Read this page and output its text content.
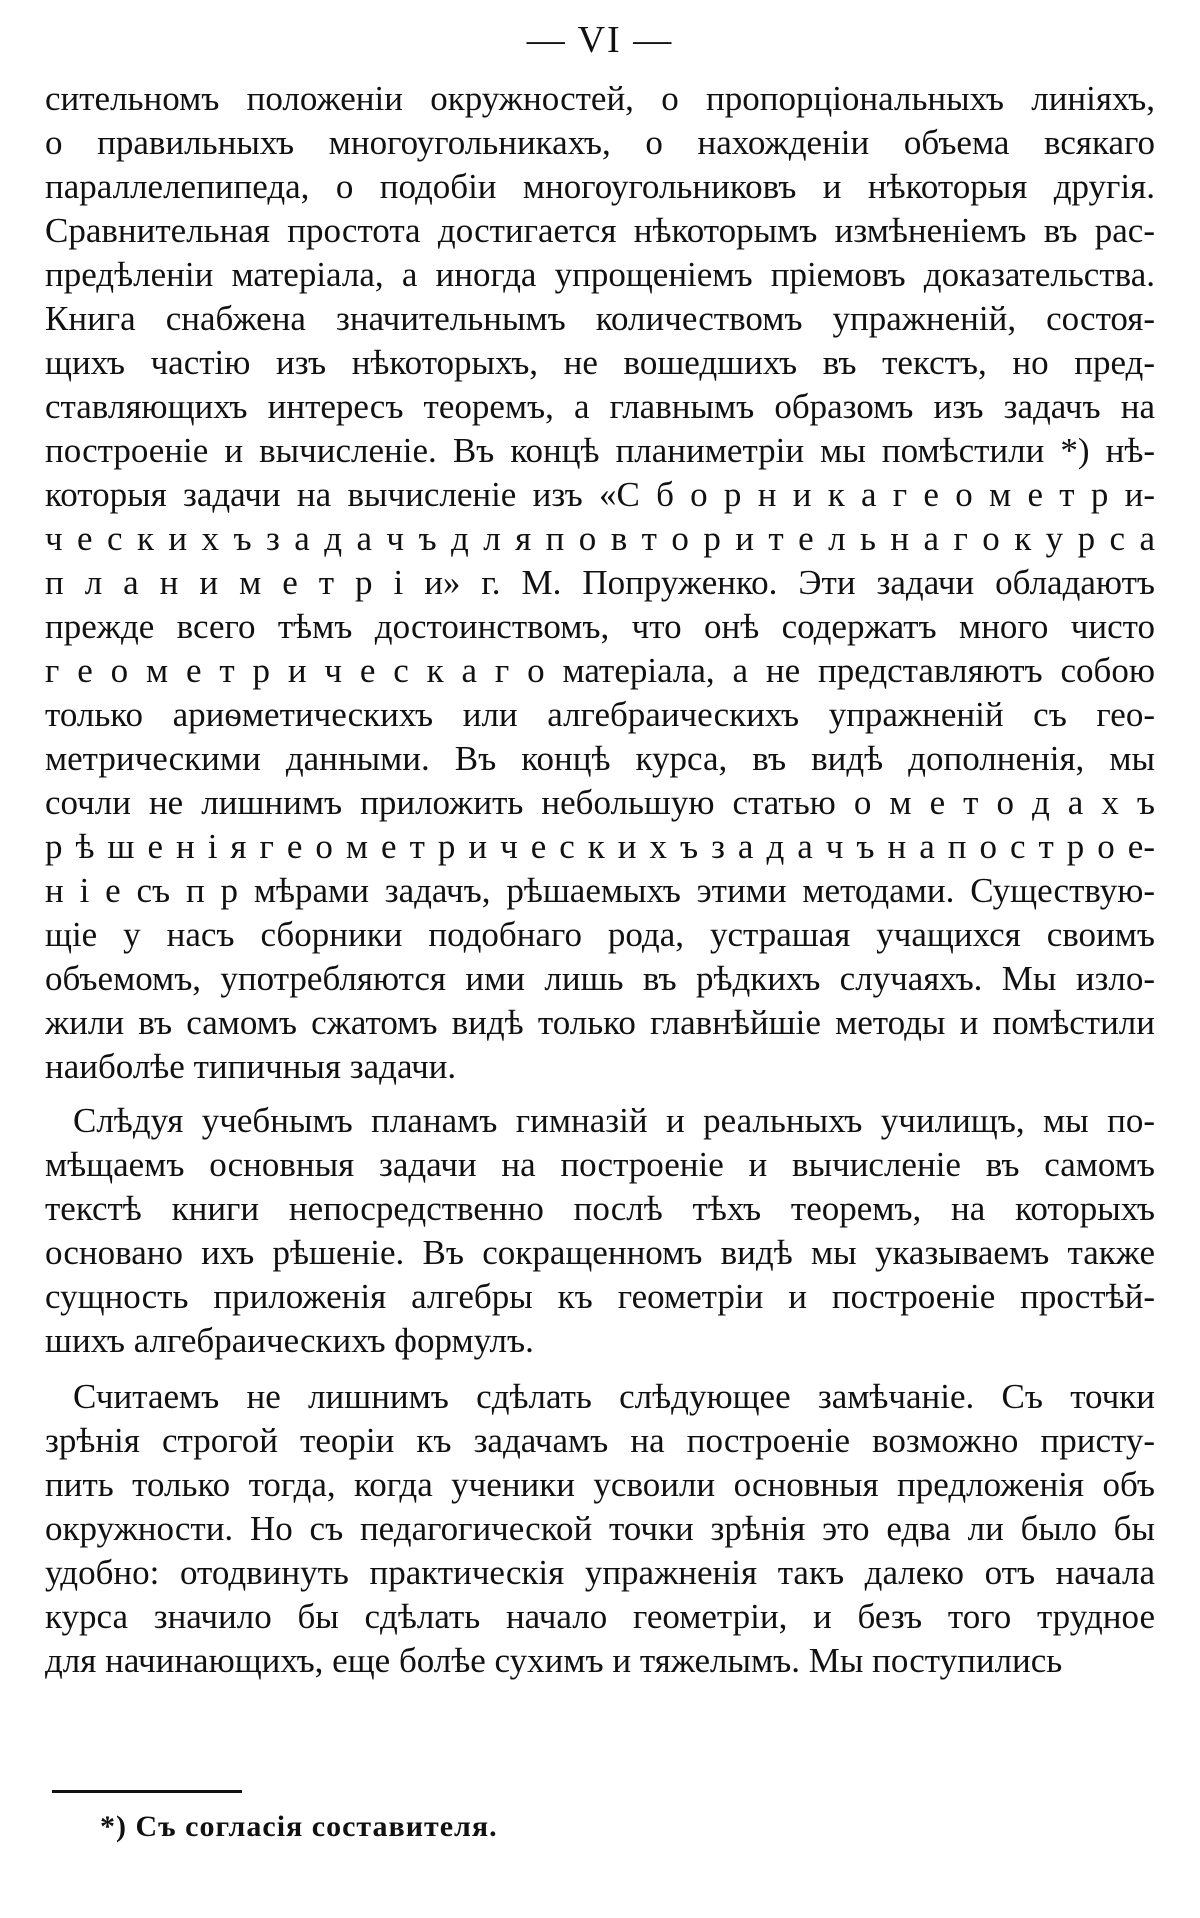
— VI —
сительномъ положеніи окружностей, о пропорціональныхъ линіяхъ,
о правильныхъ многоугольникахъ, о нахожденіи объема всякаго
параллелепипеда, о подобіи многоугольниковъ и нѣкоторыя другія.
Сравнительная простота достигается нѣкоторымъ измѣненіемъ въ рас-
предѣленіи матеріала, а иногда упрощеніемъ пріемовъ доказательства.
Книга снабжена значительнымъ количествомъ упражненій, состоя-
щихъ частію изъ нѣкоторыхъ, не вошедшихъ въ текстъ, но пред-
ставляющихъ интересъ теоремъ, а главнымъ образомъ изъ задачъ на
построеніе и вычисленіе. Въ концѣ планиметріи мы помѣстили *) нѣ-
которыя задачи на вычисленіе изъ «С б о р н и к а г е о м е т р и-
ч е с к и х ъ з а д а ч ъ д л я п о в т о р и т е л ь н а г о к у р с а
п л а н и м е т р і и» г. М. Попруженко. Эти задачи обладаютъ
прежде всего тѣмъ достоинствомъ, что онѣ содержатъ много чисто
г е о м е т р и ч е с к а г о матеріала, а не представляютъ собою
только ариѳметическихъ или алгебраическихъ упражненій съ гео-
метрическими данными. Въ концѣ курса, въ видѣ дополненія, мы
сочли не лишнимъ приложить небольшую статью о м е т о д а х ъ
р ѣ ш е н і я г е о м е т р и ч е с к и х ъ з а д а ч ъ н а п о с т р о е-
н і е съ п р мѣрами задачъ, рѣшаемыхъ этими методами. Существую-
щіе у насъ сборники подобнаго рода, устрашая учащихся своимъ
объемомъ, употребляются ими лишь въ рѣдкихъ случаяхъ. Мы изло-
жили въ самомъ сжатомъ видѣ только главнѣйшіе методы и помѣстили
наиболѣе типичныя задачи.
Слѣдуя учебнымъ планамъ гимназій и реальныхъ училищъ, мы по-
мѣщаемъ основныя задачи на построеніе и вычисленіе въ самомъ
текстѣ книги непосредственно послѣ тѣхъ теоремъ, на которыхъ
основано ихъ рѣшеніе. Въ сокращенномъ видѣ мы указываемъ также
сущность приложенія алгебры къ геометріи и построеніе простѣй-
шихъ алгебраическихъ формулъ.
Считаемъ не лишнимъ сдѣлать слѣдующее замѣчаніе. Съ точки
зрѣнія строгой теоріи къ задачамъ на построеніе возможно присту-
пить только тогда, когда ученики усвоили основныя предложенія объ
окружности. Но съ педагогической точки зрѣнія это едва ли было бы
удобно: отодвинуть практическія упражненія такъ далеко отъ начала
курса значило бы сдѣлать начало геометріи, и безъ того трудное
для начинающихъ, еще болѣе сухимъ и тяжелымъ. Мы поступились
*) Съ согласія составителя.
